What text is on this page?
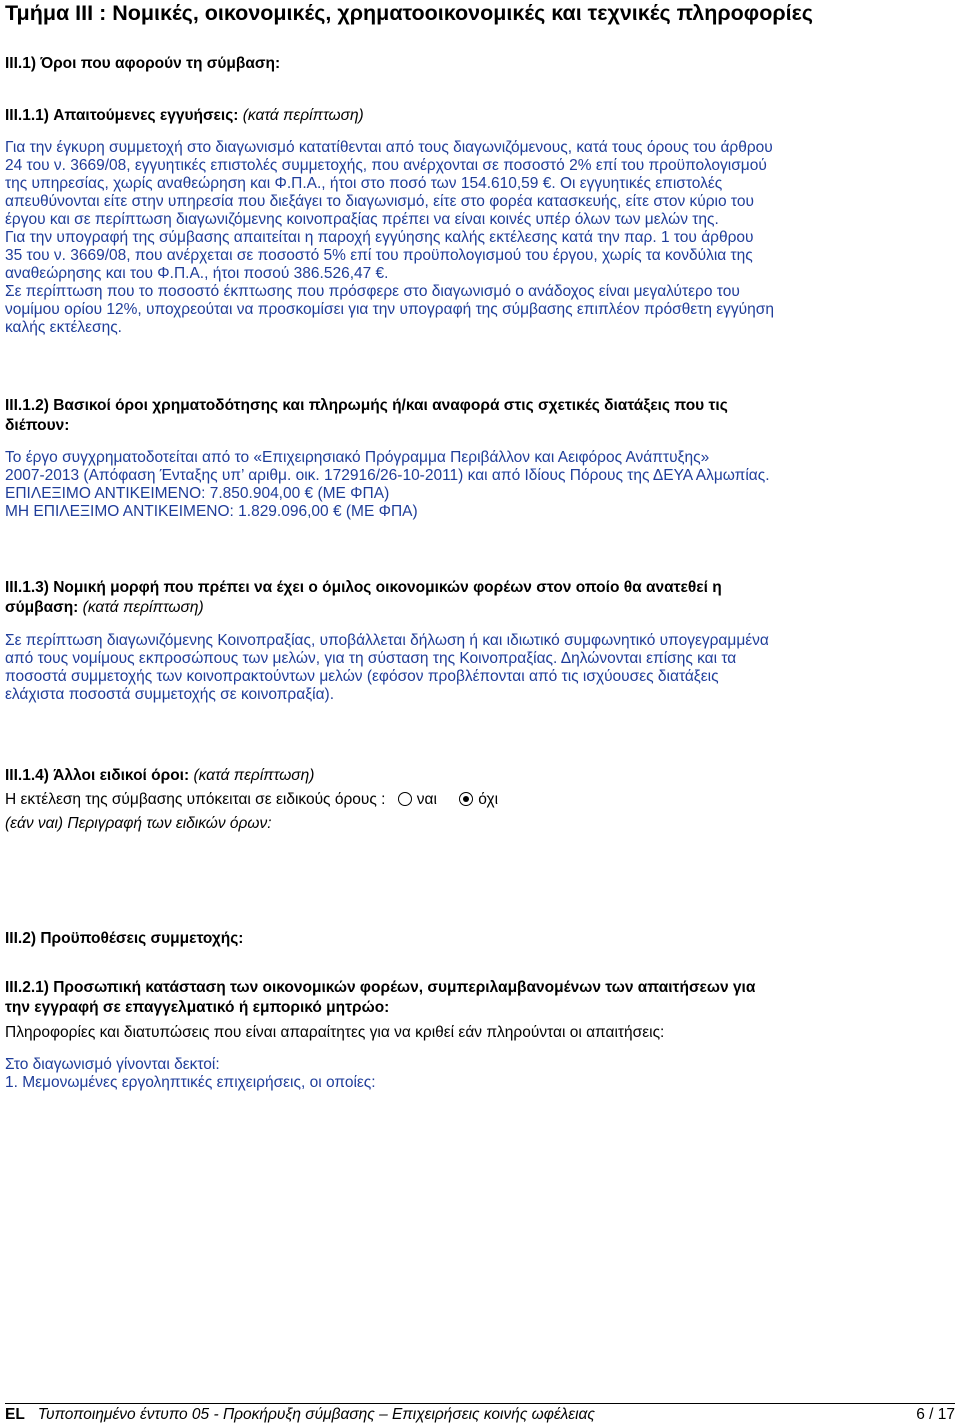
Τμήμα ΙΙΙ : Νομικές, οικονομικές, χρηματοοικονομικές και τεχνικές πληροφορίες
III.1) Όροι που αφορούν τη σύμβαση:
III.1.1) Απαιτούμενες εγγυήσεις: (κατά περίπτωση)
Για την έγκυρη συμμετοχή στο διαγωνισμό κατατίθενται από τους διαγωνιζόμενους, κατά τους όρους του άρθρου
24 του ν. 3669/08, εγγυητικές επιστολές συμμετοχής, που ανέρχονται σε ποσοστό 2% επί του προϋπολογισμού
της υπηρεσίας, χωρίς αναθεώρηση και Φ.Π.Α., ήτοι στο ποσό των 154.610,59 €. Οι εγγυητικές επιστολές
απευθύνονται είτε στην υπηρεσία που διεξάγει το διαγωνισμό, είτε στο φορέα κατασκευής, είτε στον κύριο του
έργου και σε περίπτωση διαγωνιζόμενης κοινοπραξίας πρέπει να είναι κοινές υπέρ όλων των μελών της.
Για την υπογραφή της σύμβασης απαιτείται η παροχή εγγύησης καλής εκτέλεσης κατά την παρ. 1 του άρθρου
35 του ν. 3669/08, που ανέρχεται σε ποσοστό 5% επί του προϋπολογισμού του έργου, χωρίς τα κονδύλια της
αναθεώρησης και του Φ.Π.Α., ήτοι ποσού 386.526,47 €.
Σε περίπτωση που το ποσοστό έκπτωσης που πρόσφερε στο διαγωνισμό ο ανάδοχος είναι μεγαλύτερο του
νομίμου ορίου 12%, υποχρεούται να προσκομίσει για την υπογραφή της σύμβασης επιπλέον πρόσθετη εγγύηση
καλής εκτέλεσης.
III.1.2) Βασικοί όροι χρηματοδότησης και πληρωμής ή/και αναφορά στις σχετικές διατάξεις που τις
διέπουν:
Το έργο συγχρηματοδοτείται από το «Επιχειρησιακό Πρόγραμμα Περιβάλλον και Αειφόρος Ανάπτυξης»
2007-2013 (Απόφαση Ένταξης υπ’ αριθμ. οικ. 172916/26-10-2011) και από Ιδίους Πόρους της ΔΕΥΑ Αλμωπίας.
ΕΠΙΛΕΞΙΜΟ ΑΝΤΙΚΕΙΜΕΝΟ: 7.850.904,00 € (ΜΕ ΦΠΑ)
ΜΗ ΕΠΙΛΕΞΙΜΟ ΑΝΤΙΚΕΙΜΕΝΟ: 1.829.096,00 € (ΜΕ ΦΠΑ)
III.1.3) Νομική μορφή που πρέπει να έχει ο όμιλος οικονομικών φορέων στον οποίο θα ανατεθεί η
σύμβαση: (κατά περίπτωση)
Σε περίπτωση διαγωνιζόμενης Κοινοπραξίας, υποβάλλεται δήλωση ή και ιδιωτικό συμφωνητικό υπογεγραμμένα
από τους νομίμους εκπροσώπους των μελών, για τη σύσταση της Κοινοπραξίας. Δηλώνονται επίσης και τα
ποσοστά συμμετοχής των κοινοπρακτούντων μελών (εφόσον προβλέπονται από τις ισχύουσες διατάξεις
ελάχιστα ποσοστά συμμετοχής σε κοινοπραξία).
III.1.4) Άλλοι ειδικοί όροι: (κατά περίπτωση)
Η εκτέλεση της σύμβασης υπόκειται σε ειδικούς όρους : ναι	όχι
(εάν ναι) Περιγραφή των ειδικών όρων:
III.2) Προϋποθέσεις συμμετοχής:
III.2.1) Προσωπική κατάσταση των οικονομικών φορέων, συμπεριλαμβανομένων των απαιτήσεων για
την εγγραφή σε επαγγελματικό ή εμπορικό μητρώο:
Πληροφορίες και διατυπώσεις που είναι απαραίτητες για να κριθεί εάν πληρούνται οι απαιτήσεις:
Στο διαγωνισμό γίνονται δεκτοί:
1. Μεμονωμένες εργοληπτικές επιχειρήσεις, οι οποίες:
EL Τυποποιημένο έντυπο 05 - Προκήρυξη σύμβασης – Επιχειρήσεις κοινής ωφέλειας	6 / 17
